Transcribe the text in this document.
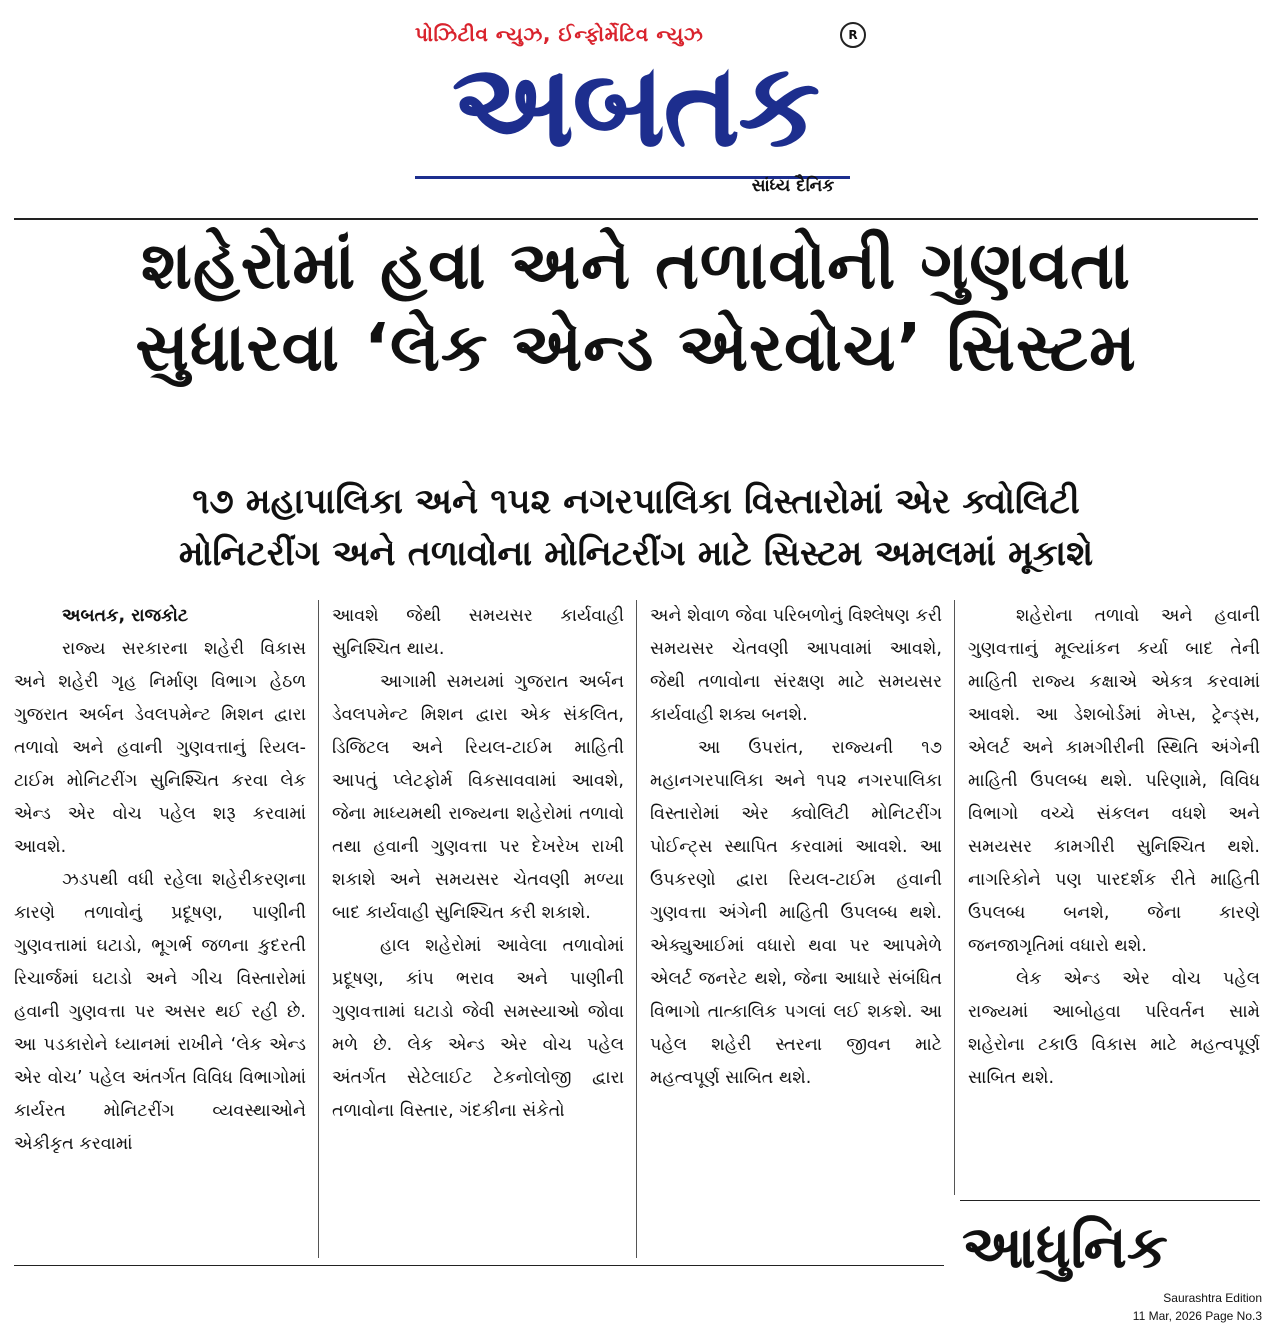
પોઝિટીવ ન્યુઝ, ઈન્ફોર્મેટિવ ન્યુઝ	R
અબતક
સાંધ્ય દૈનિક
શહેરોમાં હવા અને તળાવોની ગુણવતા
સુધારવા ‘લેક એન્ડ એરવોચ’ સિસ્ટમ
૧૭ મહાપાલિકા અને ૧૫૨ નગરપાલિકા વિસ્તારોમાં એર ક્વોલિટી
મોનિટરીંગ અને તળાવોના મોનિટરીંગ માટે સિસ્ટમ અમલમાં મૂકાશે
અબતક, રાજકોટ

રાજ્ય સરકારના શહેરી વિકાસ અને શહેરી ગૃહ નિર્માણ વિભાગ હેઠળ ગુજરાત અર્બન ડેવલપમેન્ટ મિશન દ્વારા તળાવો અને હવાની ગુણવત્તાનું રિયલ-ટાઈમ મોનિટરીંગ સુનિશ્ચિત કરવા લેક એન્ડ એર વોચ પહેલ શરૂ કરવામાં આવશે.

ઝડપથી વધી રહેલા શહેરીકરણના કારણે તળાવોનું પ્રદૂષણ, પાણીની ગુણવત્તામાં ઘટાડો, ભૂગર્ભ જળના કુદરતી રિચાર્જમાં ઘટાડો અને ગીચ વિસ્તારોમાં હવાની ગુણવત્તા પર અસર થઈ રહી છે. આ પડકારોને ધ્યાનમાં રાખીને ‘લેક એન્ડ એર વોચ’ પહેલ અંતર્ગત વિવિધ વિભાગોમાં કાર્યરત મોનિટરીંગ વ્યવસ્થાઓને એકીકૃત કરવામાં

આવશે જેથી સમયસર કાર્યવાહી સુનિશ્ચિત થાય.

આગામી સમયમાં ગુજરાત અર્બન ડેવલપમેન્ટ મિશન દ્વારા એક સંકલિત, ડિજિટલ અને રિયલ-ટાઈમ માહિતી આપતું પ્લેટફોર્મ વિકસાવવામાં આવશે, જેના માધ્યમથી રાજ્યના શહેરોમાં તળાવો તથા હવાની ગુણવત્તા પર દેખરેખ રાખી શકાશે અને સમયસર ચેતવણી મળ્યા બાદ કાર્યવાહી સુનિશ્ચિત કરી શકાશે.

હાલ શહેરોમાં આવેલા તળાવોમાં પ્રદૂષણ, કાંપ ભરાવ અને પાણીની ગુણવત્તામાં ઘટાડો જેવી સમસ્યાઓ જોવા મળે છે. લેક એન્ડ એર વોચ પહેલ અંતર્ગત સેટેલાઈટ ટેકનોલોજી દ્વારા તળાવોના વિસ્તાર, ગંદકીના સંકેતો

અને શેવાળ જેવા પરિબળોનું વિશ્લેષણ કરી સમયસર ચેતવણી આપવામાં આવશે, જેથી તળાવોના સંરક્ષણ માટે સમયસર કાર્યવાહી શક્ય બનશે.

આ ઉપરાંત, રાજ્યની ૧૭ મહાનગરપાલિકા અને ૧૫૨ નગરપાલિકા વિસ્તારોમાં એર ક્વોલિટી મોનિટરીંગ પોઈન્ટ્સ સ્થાપિત કરવામાં આવશે. આ ઉપકરણો દ્વારા રિયલ-ટાઈમ હવાની ગુણવત્તા અંગેની માહિતી ઉપલબ્ધ થશે. એક્યુઆઈમાં વધારો થવા પર આપમેળે એલર્ટ જનરેટ થશે, જેના આધારે સંબંધિત વિભાગો તાત્કાલિક પગલાં લઈ શકશે. આ પહેલ શહેરી સ્તરના જીવન માટે મહત્વપૂર્ણ સાબિત થશે.

શહેરોના તળાવો અને હવાની ગુણવત્તાનું મૂલ્યાંકન કર્યા બાદ તેની માહિતી રાજ્ય કક્ષાએ એકત્ર કરવામાં આવશે. આ ડેશબોર્ડમાં મેપ્સ, ટ્રેન્ડ્સ, એલર્ટ અને કામગીરીની સ્થિતિ અંગેની માહિતી ઉપલબ્ધ થશે. પરિણામે, વિવિધ વિભાગો વચ્ચે સંકલન વધશે અને સમયસર કામગીરી સુનિશ્ચિત થશે. નાગરિકોને પણ પારદર્શક રીતે માહિતી ઉપલબ્ધ બનશે, જેના કારણે જનજાગૃતિમાં વધારો થશે.

લેક એન્ડ એર વોચ પહેલ રાજ્યમાં આબોહવા પરિવર્તન સામે શહેરોના ટકાઉ વિકાસ માટે મહત્વપૂર્ણ સાબિત થશે.

આધુનિક
Saurashtra Edition
11 Mar, 2026 Page No.3
